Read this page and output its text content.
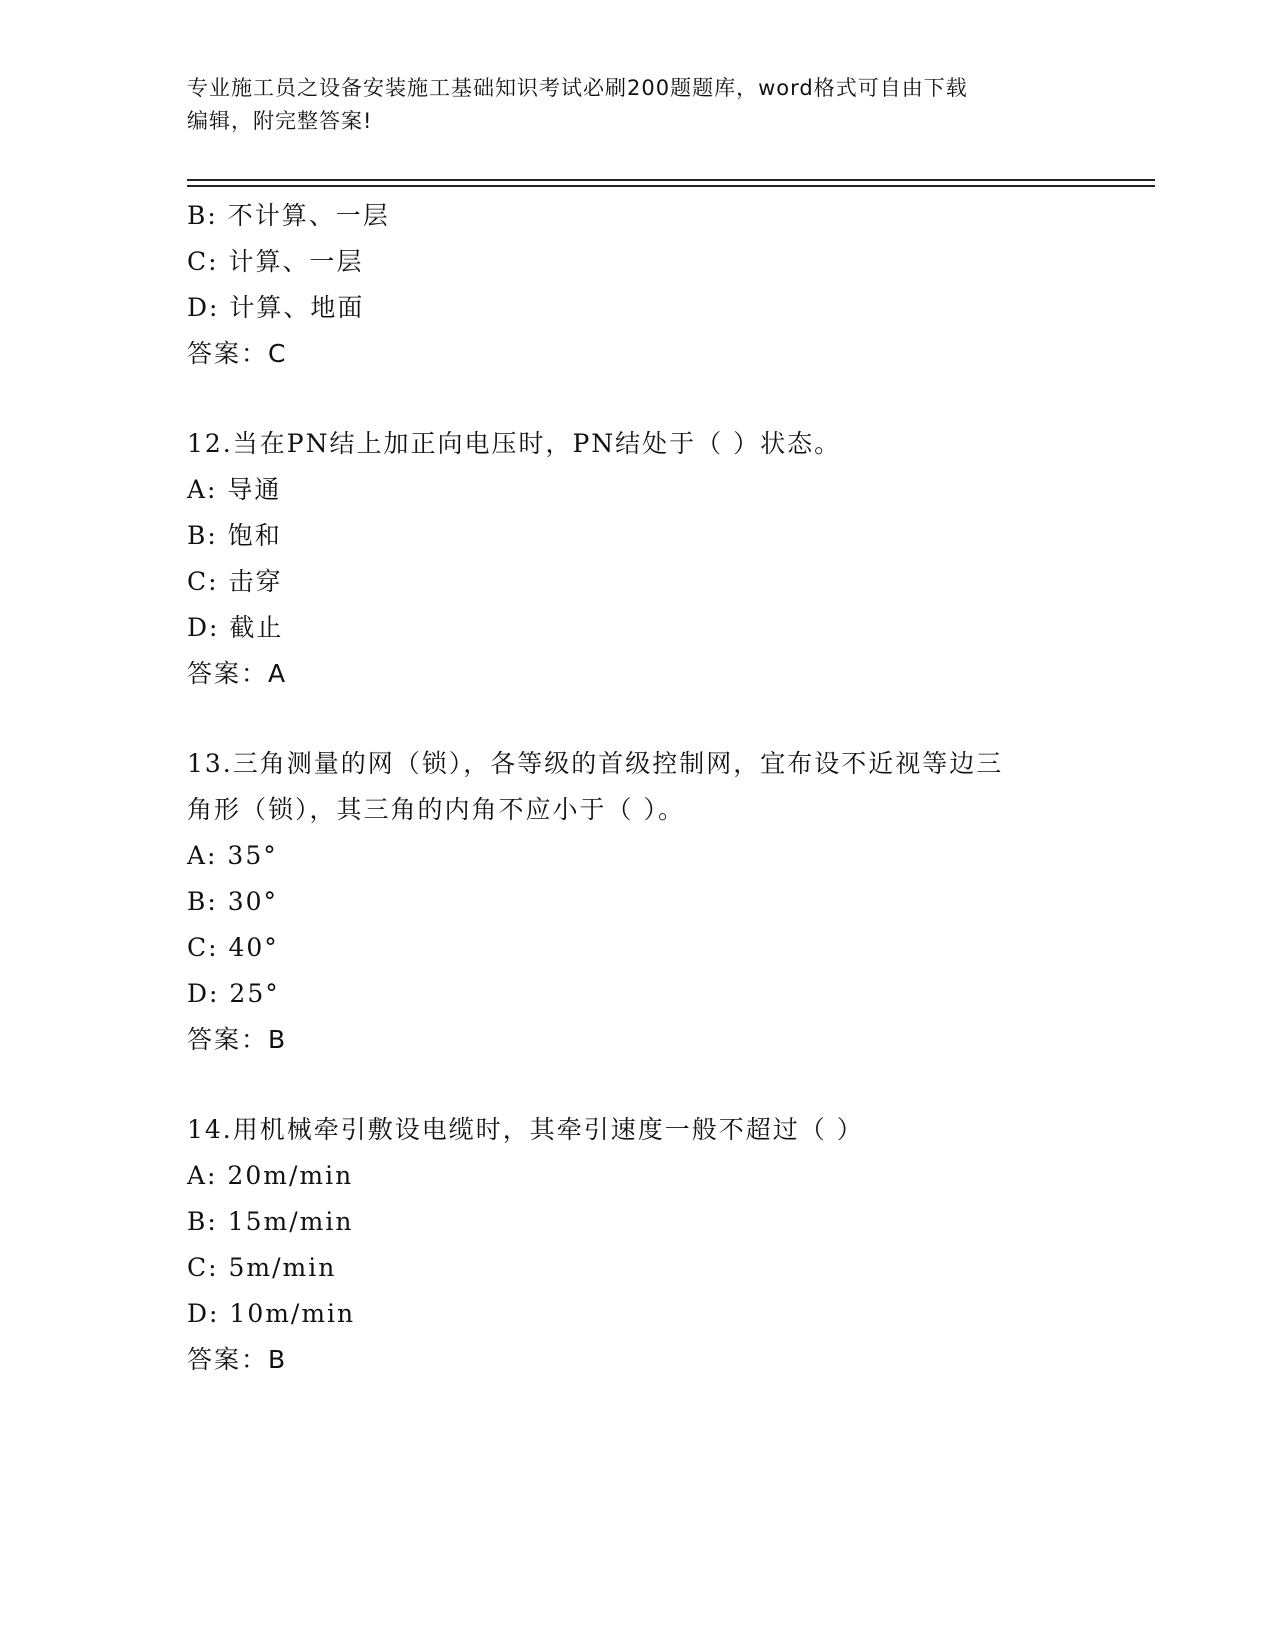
专业施工员之设备安装施工基础知识考试必刷200题题库，word格式可自由下载
编辑，附完整答案!
B: 不计算、一层
C: 计算、一层
D: 计算、地面
答案：C
12.当在PN结上加正向电压时，PN结处于（ ）状态。
A: 导通
B: 饱和
C: 击穿
D: 截止
答案：A
13.三角测量的网（锁），各等级的首级控制网，宜布设不近视等边三
角形（锁），其三角的内角不应小于（ ）。
A: 35°
B: 30°
C: 40°
D: 25°
答案：B
14.用机械牵引敷设电缆时，其牵引速度一般不超过（ ）
A: 20m/min
B: 15m/min
C: 5m/min
D: 10m/min
答案：B
